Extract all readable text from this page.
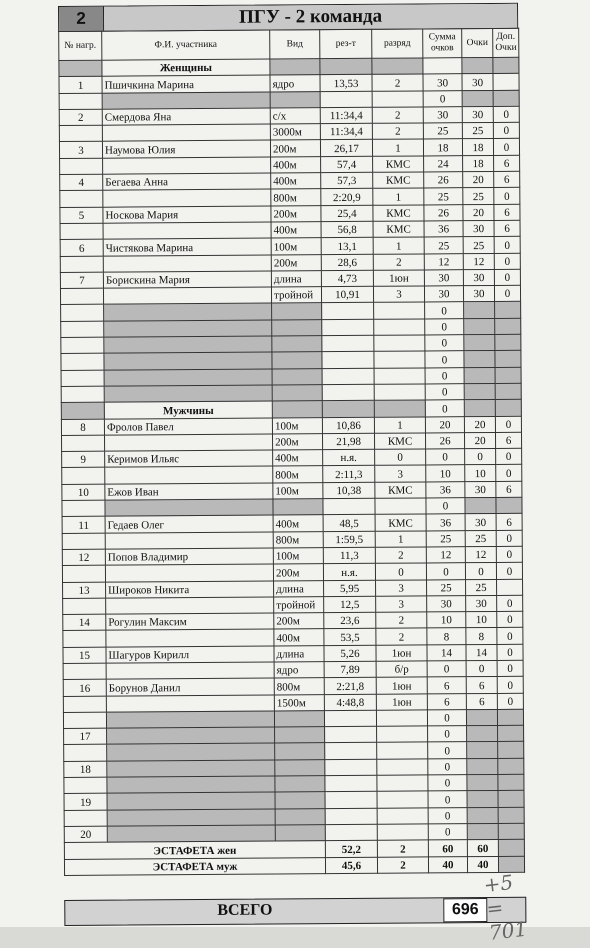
2	ПГУ - 2 команда
№ нагр.	Ф.И. участника	Вид	рез-т	разряд	Сумма очков	Очки	Доп. Очки
	Женщины						
1	Пшичкина Марина	ядро	13,53	2	30	30	
					0		
2	Смердова Яна	с/х	11:34,4	2	30	30	0
		3000м	11:34,4	2	25	25	0
3	Наумова Юлия	200м	26,17	1	18	18	0
		400м	57,4	КМС	24	18	6
4	Бегаева Анна	400м	57,3	КМС	26	20	6
		800м	2:20,9	1	25	25	0
5	Носкова Мария	200м	25,4	КМС	26	20	6
		400м	56,8	КМС	36	30	6
6	Чистякова Марина	100м	13,1	1	25	25	0
		200м	28,6	2	12	12	0
7	Борискина Мария	длина	4,73	1юн	30	30	0
		тройной	10,91	3	30	30	0
					0		
					0		
					0		
					0		
					0		
					0		
	Мужчины				0		
8	Фролов Павел	100м	10,86	1	20	20	0
		200м	21,98	КМС	26	20	6
9	Керимов Ильяс	400м	н.я.	0	0	0	0
		800м	2:11,3	3	10	10	0
10	Ежов Иван	100м	10,38	КМС	36	30	6
					0		
11	Гедаев Олег	400м	48,5	КМС	36	30	6
		800м	1:59,5	1	25	25	0
12	Попов Владимир	100м	11,3	2	12	12	0
		200м	н.я.	0	0	0	0
13	Широков Никита	длина	5,95	3	25	25	
		тройной	12,5	3	30	30	0
14	Рогулин Максим	200м	23,6	2	10	10	0
		400м	53,5	2	8	8	0
15	Шагуров Кирилл	длина	5,26	1юн	14	14	0
		ядро	7,89	б/р	0	0	0
16	Борунов Данил	800м	2:21,8	1юн	6	6	0
		1500м	4:48,8	1юн	6	6	0
					0		
17					0		
					0		
18					0		
					0		
19					0		
					0		
20					0		
ЭСТАФЕТА жен			52,2	2	60	60	
ЭСТАФЕТА муж			45,6	2	40	40	
ВСЕГО	696
+5 = 701
